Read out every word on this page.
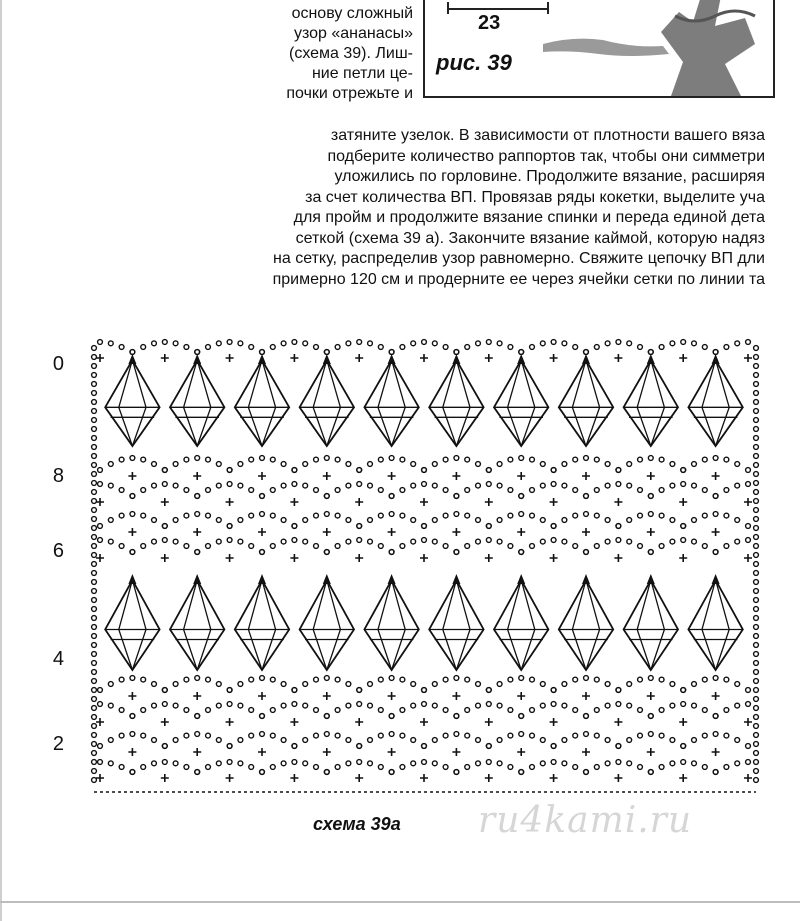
основу сложный
узор «ананасы»
(схема 39). Лиш-
ние петли це-
почки отрежьте и
23
рис. 39
затяните узелок. В зависимости от плотности вашего вяза
подберите количество раппортов так, чтобы они симметри
уложились по горловине. Продолжите вязание, расширяя
за счет количества ВП. Провязав ряды кокетки, выделите уча
для пройм и продолжите вязание спинки и переда единой дета
сеткой (схема 39 а). Закончите вязание каймой, которую надяз
на сетку, распределив узор равномерно. Свяжите цепочку ВП дли
примерно 120 см и продерните ее через ячейки сетки по линии та
0
8
6
4
2
схема 39а ru4kami.ru
